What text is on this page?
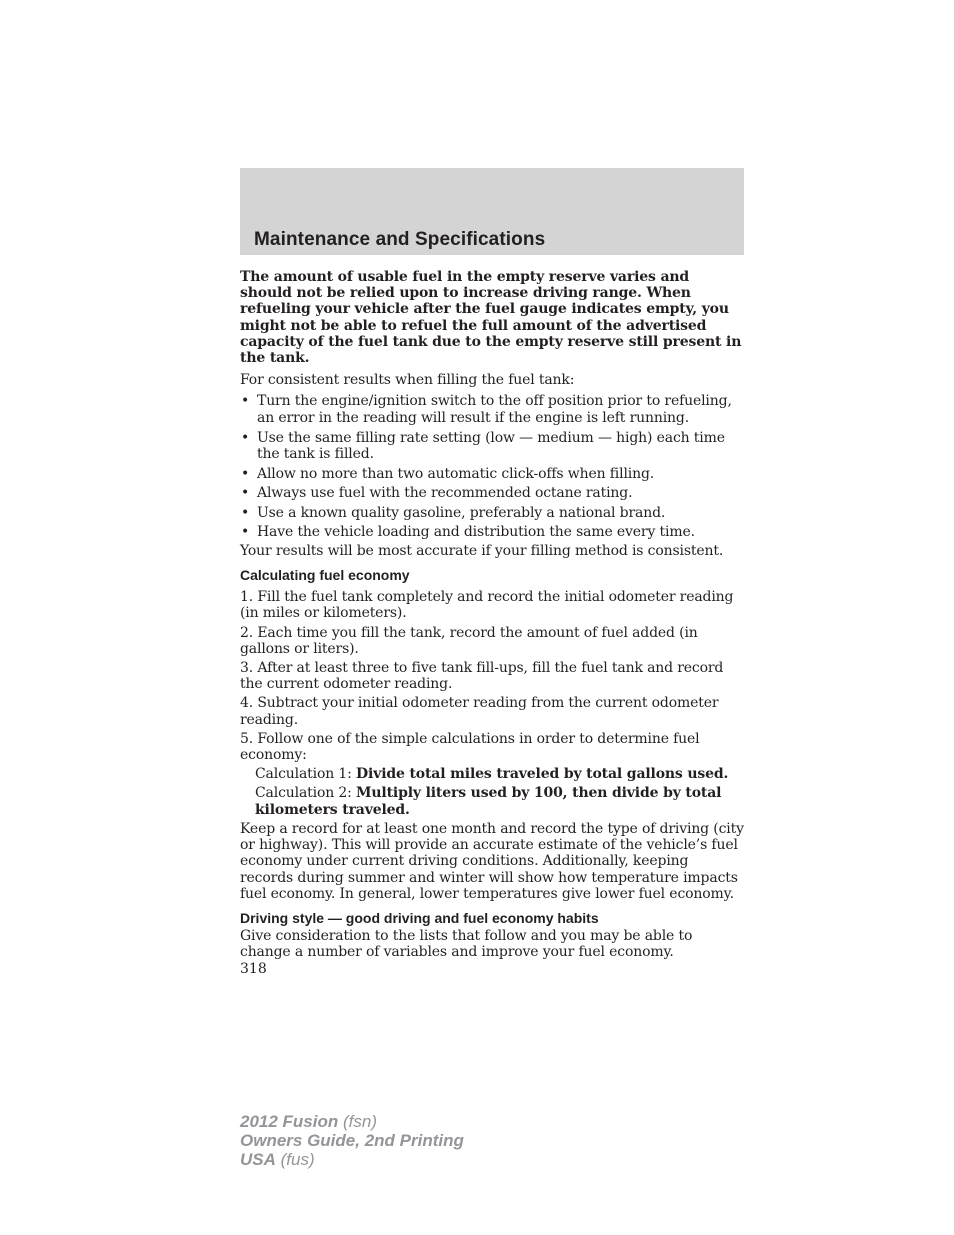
Maintenance and Specifications

The amount of usable fuel in the empty reserve varies and should not be relied upon to increase driving range. When refueling your vehicle after the fuel gauge indicates empty, you might not be able to refuel the full amount of the advertised capacity of the fuel tank due to the empty reserve still present in the tank.

For consistent results when filling the fuel tank:

• Turn the engine/ignition switch to the off position prior to refueling, an error in the reading will result if the engine is left running.
• Use the same filling rate setting (low — medium — high) each time the tank is filled.
• Allow no more than two automatic click-offs when filling.
• Always use fuel with the recommended octane rating.
• Use a known quality gasoline, preferably a national brand.
• Have the vehicle loading and distribution the same every time.

Your results will be most accurate if your filling method is consistent.

Calculating fuel economy

1. Fill the fuel tank completely and record the initial odometer reading (in miles or kilometers).

2. Each time you fill the tank, record the amount of fuel added (in gallons or liters).

3. After at least three to five tank fill-ups, fill the fuel tank and record the current odometer reading.

4. Subtract your initial odometer reading from the current odometer reading.

5. Follow one of the simple calculations in order to determine fuel economy:

Calculation 1: Divide total miles traveled by total gallons used.

Calculation 2: Multiply liters used by 100, then divide by total kilometers traveled.

Keep a record for at least one month and record the type of driving (city or highway). This will provide an accurate estimate of the vehicle’s fuel economy under current driving conditions. Additionally, keeping records during summer and winter will show how temperature impacts fuel economy. In general, lower temperatures give lower fuel economy.

Driving style — good driving and fuel economy habits

Give consideration to the lists that follow and you may be able to change a number of variables and improve your fuel economy.

318
2012 Fusion (fsn)
Owners Guide, 2nd Printing
USA (fus)
